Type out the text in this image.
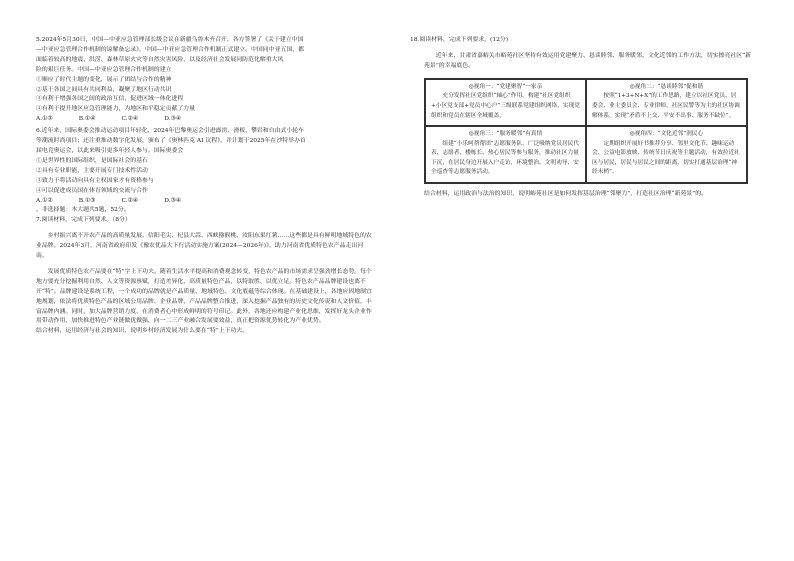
5.2024年5月30日，中国—中亚应急管理部长级会议在新疆乌鲁木齐召开，各方签署了《关于建立中国

—中亚应急管理合作机制的谅解备忘录》，中国—中亚应急管理合作机制正式建立。中国同中亚五国，都

面临着较高的地震、洪涝、森林草原火灾等自然灾害风险，以及经济社会发展同防范化解重大风

险的艰巨任务。中国—中亚应急管理合作机制的建立

①顺应了时代主题的变化，展示了团结与合作的精神

②基于各国之间具有共同利益，凝聚了地区行动共识

③有利于增强各国之间的政治互信，促进区域一体化进程

④有利于提升地区应急管理能力，为地区和平稳定贡献了力量

A.①③	B.①④	C.②④	D.③④

6.近年来，国际奥委会推动运动项目年轻化，2024年巴黎奥运会引进霹雳、滑板、攀岩和自由式小轮车

等潮流时尚项目；还注重推动数字化发展，颁布了《奥林匹克 AI 议程》，并计划于2025年在沙特举办首

届电竞奥运会，以此来吸引更多年轻人参与。国际奥委会

①是世界性的国际组织，是国际社会的基石

②具有专业职能，主要开展专门技术性活动

③致力于将活动向具有主权国家才有资格参与

④可以促进成员国在体育领域的交流与合作

A.①②	B.①③	C.②④	D.③④

、非选择题：本大题共5题，52分。

7.阅读材料，完成下列要求。（8分）

乡村振兴离不开农产品的高质量发展。信阳毛尖、杞县大蒜、西峡猕猴桃、汝阳东果红薯……这些都是具有鲜明地域特色的农业品牌。2024年3月，河南省政府印发《豫农优品大下行活动实施方案(2024—2026年)》，助力河南省优质特色农产品走出河南。

发展优质特色农产品要在“特”字上下功夫。随着生活水平提高和消费观念转变，特色农产品的市场需求呈强劲增长态势。每个地方要充分挖掘利用自然、人文等资源禀赋，打造差异化、高质量特色产品，以特取胜、以优立足。特色农产品品牌建设也离不开“特”。品牌建设是系统工程，一个成功的品牌就是产品质量、地域特色、文化底蕴等综合体现。在基础建设上，各地应因地制宜地规划，依法将优质特色产品的区域公用品牌、企业品牌、产品品牌整合推进，深入挖掘产品独有的历史文化传说和人文价值，丰富品牌内涵。同时，加大品牌营销力度，在消费者心中形成鲜明的符号印记。此外，各地还应构建产业化思维，发挥好龙头企业作用带动作用，加快推进特色产业链做优做强，向一二三产业融合发展要效益，真正把资源优势转化为产业优势。

结合材料，运用经济与社会的知识，说明乡村经济发展为什么要在“特”上下功夫。

18.阅读材料，完成下列要求。(12分)

近年来，甘肃省嘉峪关市峪苑社区坚持有效运用党建聚力、恳谈睦邻、服务暖邻、文化近邻的工作方法，切实擦亮社区“新苑景”的幸福底色。

◎视角一：“党建聚智”一家亲
充分发挥社区党组织“轴心”作用，构建“社区党组织+小区党支部+党员中心户”三级联系党建组织网络，实现党组织和党员在辖区全域覆盖。
◎视角二：“恳谈睦邻”促和谐
按照“1+3+N+X”的工作思路，建立以社区党员、居委会、业主委员会、专业律师、社区民警等为主的社区协调解体系，实现“矛盾不上交、平安不出事、服务不缺位”。
◎视角三：“服务暖邻”有真情
组建“小乐呵帮帮团”志愿服务队，广泛吸纳党员居民代表、志愿者、楼栋长、热心居民等参与服务，推动社区力量下沉，在居民身边开展入户走访，环境整治、文明劝导、安全巡查等志愿服务活动。
◎视角四：“文化近邻”润民心
定期组织开展好书推荐分享、邻里文化节、趣味运动会、公益电影放映、传统节日庆祝等主题活动，有效拉近社区与居民，居民与居民之间的距离，切实打通基层治理“神经末梢”。

结合材料，运用政治与法治的知识，说明峪苑社区是如何发挥基层治理“邻聚力”，打造社区治理“新苑景”的。
